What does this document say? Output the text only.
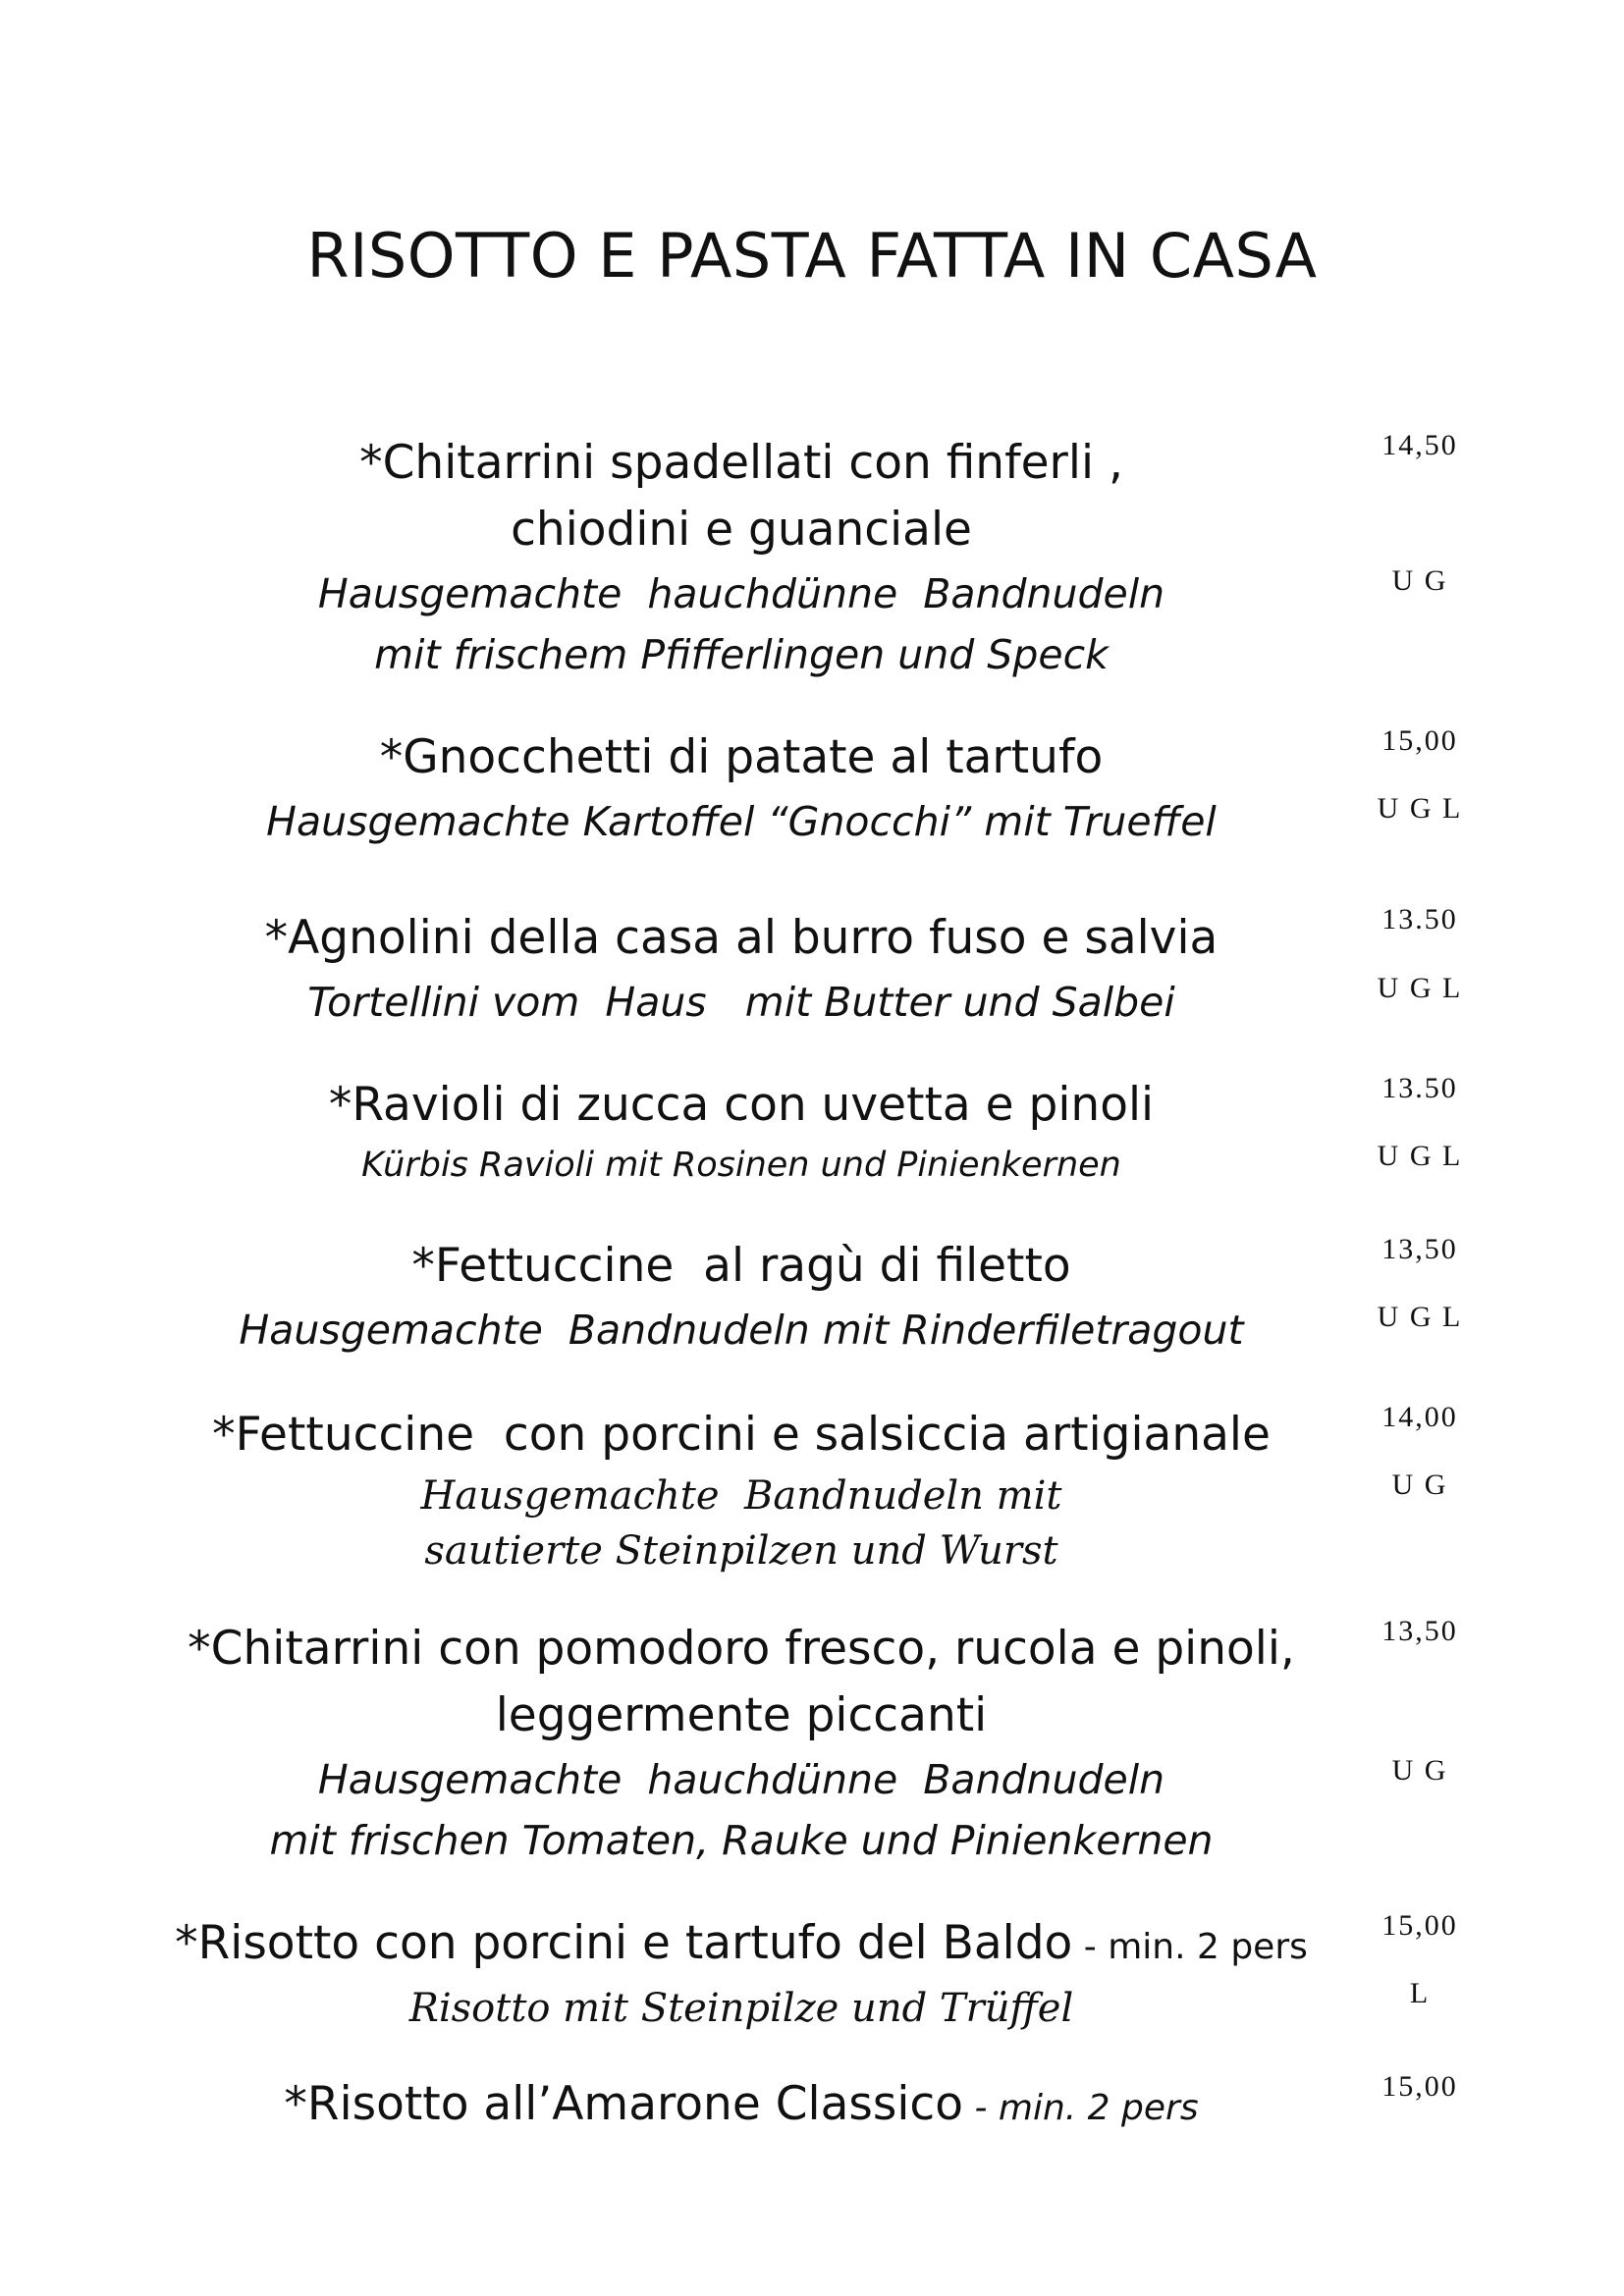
RISOTTO E PASTA FATTA IN CASA
*Chitarrini spadellati con finferli ,
chiodini e guanciale
Hausgemachte  hauchdünne  Bandnudeln
mit frischem Pfifferlingen und Speck
14,50
U G
*Gnocchetti di patate al tartufo
Hausgemachte Kartoffel “Gnocchi” mit Trueffel
15,00
U G L
*Agnolini della casa al burro fuso e salvia
Tortellini vom  Haus   mit Butter und Salbei
13.50
U G L
*Ravioli di zucca con uvetta e pinoli
Kürbis Ravioli mit Rosinen und Pinienkernen
13.50
U G L
*Fettuccine  al ragù di filetto
Hausgemachte  Bandnudeln mit Rinderfiletragout
13,50
U G L
*Fettuccine  con porcini e salsiccia artigianale
Hausgemachte  Bandnudeln mit
sautierte Steinpilzen und Wurst
14,00
U G
*Chitarrini con pomodoro fresco, rucola e pinoli,
leggermente piccanti
Hausgemachte  hauchdünne  Bandnudeln
mit frischen Tomaten, Rauke und Pinienkernen
13,50
U G
*Risotto con porcini e tartufo del Baldo - min. 2 pers
Risotto mit Steinpilze und Trüffel
15,00
L
*Risotto all’Amarone Classico - min. 2 pers
15,00
